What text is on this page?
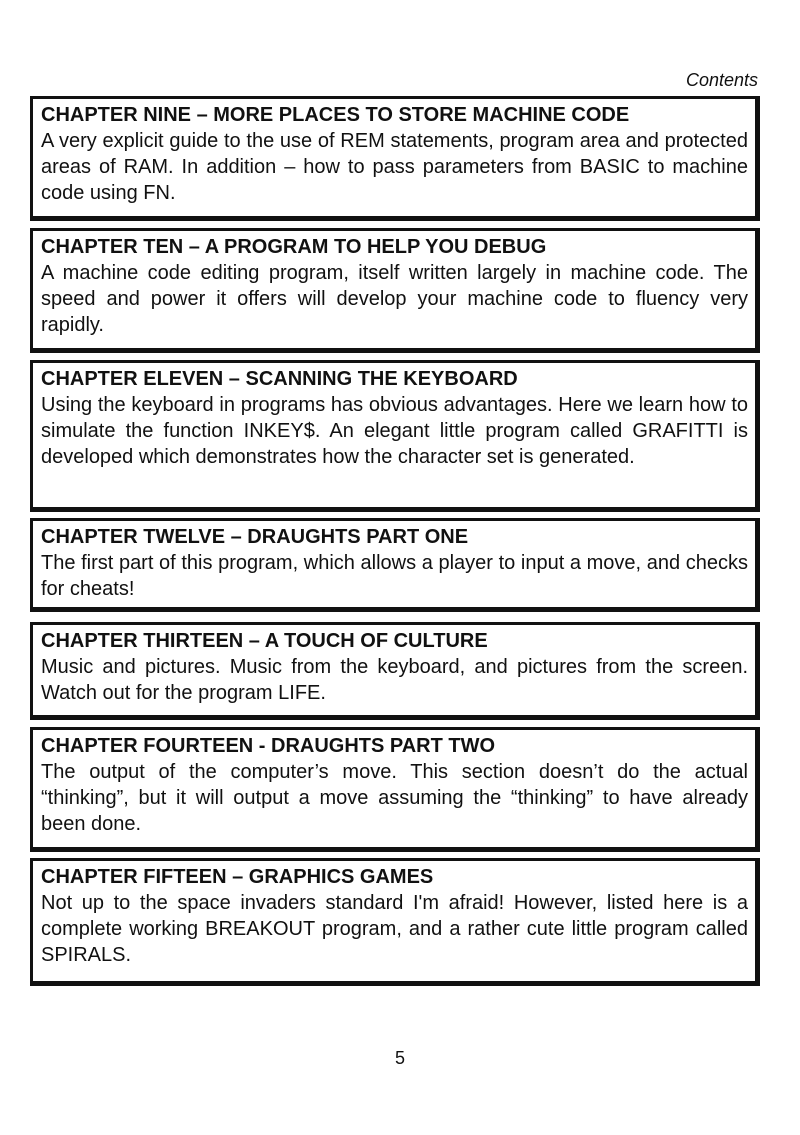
Contents

CHAPTER NINE – MORE PLACES TO STORE MACHINE CODE

A very explicit guide to the use of REM statements, program area and protected areas of RAM. In addition – how to pass parameters from BASIC to machine code using FN.

CHAPTER TEN – A PROGRAM TO HELP YOU DEBUG

A machine code editing program, itself written largely in machine code. The speed and power it offers will develop your machine code to fluency very rapidly.

CHAPTER ELEVEN – SCANNING THE KEYBOARD

Using the keyboard in programs has obvious advantages. Here we learn how to simulate the function INKEY$. An elegant little program called GRAFITTI is developed which demonstrates how the character set is generated.

CHAPTER TWELVE – DRAUGHTS PART ONE

The first part of this program, which allows a player to input a move, and checks for cheats!

CHAPTER THIRTEEN – A TOUCH OF CULTURE

Music and pictures. Music from the keyboard, and pictures from the screen. Watch out for the program LIFE.

CHAPTER FOURTEEN - DRAUGHTS PART TWO

The output of the computer’s move. This section doesn’t do the actual “thinking”, but it will output a move assuming the “thinking” to have already been done.

CHAPTER FIFTEEN – GRAPHICS GAMES

Not up to the space invaders standard I'm afraid! However, listed here is a complete working BREAKOUT program, and a rather cute little program called SPIRALS.

5
